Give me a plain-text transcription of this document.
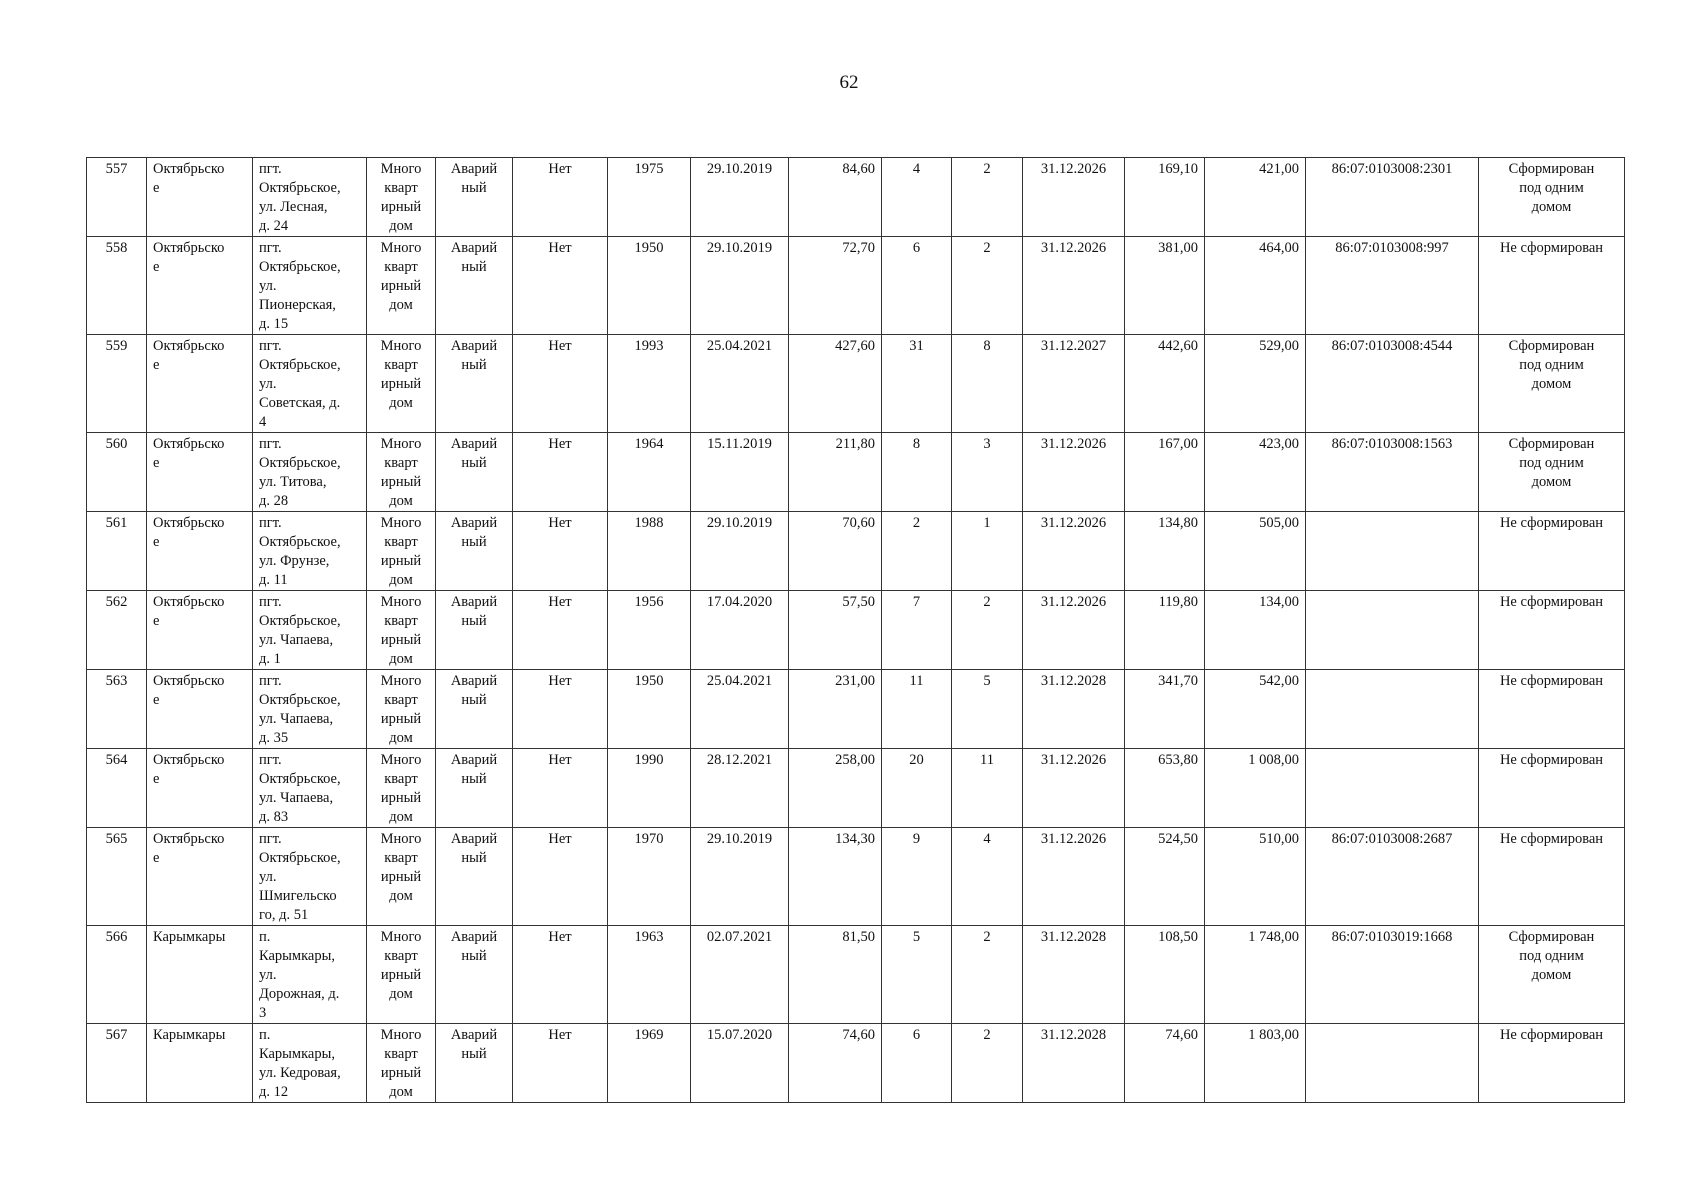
62
557	Октябрьско
е	пгт.
Октябрьское,
ул. Лесная,
д. 24	Много
кварт
ирный
дом	Аварий
ный	Нет	1975	29.10.2019	84,60	4	2	31.12.2026	169,10	421,00	86:07:0103008:2301	Сформирован
под одним
домом
558	Октябрьско
е	пгт.
Октябрьское,
ул.
Пионерская,
д. 15	Много
кварт
ирный
дом	Аварий
ный	Нет	1950	29.10.2019	72,70	6	2	31.12.2026	381,00	464,00	86:07:0103008:997	Не сформирован
559	Октябрьско
е	пгт.
Октябрьское,
ул.
Советская, д.
4	Много
кварт
ирный
дом	Аварий
ный	Нет	1993	25.04.2021	427,60	31	8	31.12.2027	442,60	529,00	86:07:0103008:4544	Сформирован
под одним
домом
560	Октябрьско
е	пгт.
Октябрьское,
ул. Титова,
д. 28	Много
кварт
ирный
дом	Аварий
ный	Нет	1964	15.11.2019	211,80	8	3	31.12.2026	167,00	423,00	86:07:0103008:1563	Сформирован
под одним
домом
561	Октябрьско
е	пгт.
Октябрьское,
ул. Фрунзе,
д. 11	Много
кварт
ирный
дом	Аварий
ный	Нет	1988	29.10.2019	70,60	2	1	31.12.2026	134,80	505,00		Не сформирован
562	Октябрьско
е	пгт.
Октябрьское,
ул. Чапаева,
д. 1	Много
кварт
ирный
дом	Аварий
ный	Нет	1956	17.04.2020	57,50	7	2	31.12.2026	119,80	134,00		Не сформирован
563	Октябрьско
е	пгт.
Октябрьское,
ул. Чапаева,
д. 35	Много
кварт
ирный
дом	Аварий
ный	Нет	1950	25.04.2021	231,00	11	5	31.12.2028	341,70	542,00		Не сформирован
564	Октябрьско
е	пгт.
Октябрьское,
ул. Чапаева,
д. 83	Много
кварт
ирный
дом	Аварий
ный	Нет	1990	28.12.2021	258,00	20	11	31.12.2026	653,80	1 008,00		Не сформирован
565	Октябрьско
е	пгт.
Октябрьское,
ул.
Шмигельско
го, д. 51	Много
кварт
ирный
дом	Аварий
ный	Нет	1970	29.10.2019	134,30	9	4	31.12.2026	524,50	510,00	86:07:0103008:2687	Не сформирован
566	Карымкары	п.
Карымкары,
ул.
Дорожная, д.
3	Много
кварт
ирный
дом	Аварий
ный	Нет	1963	02.07.2021	81,50	5	2	31.12.2028	108,50	1 748,00	86:07:0103019:1668	Сформирован
под одним
домом
567	Карымкары	п.
Карымкары,
ул. Кедровая,
д. 12	Много
кварт
ирный
дом	Аварий
ный	Нет	1969	15.07.2020	74,60	6	2	31.12.2028	74,60	1 803,00		Не сформирован
